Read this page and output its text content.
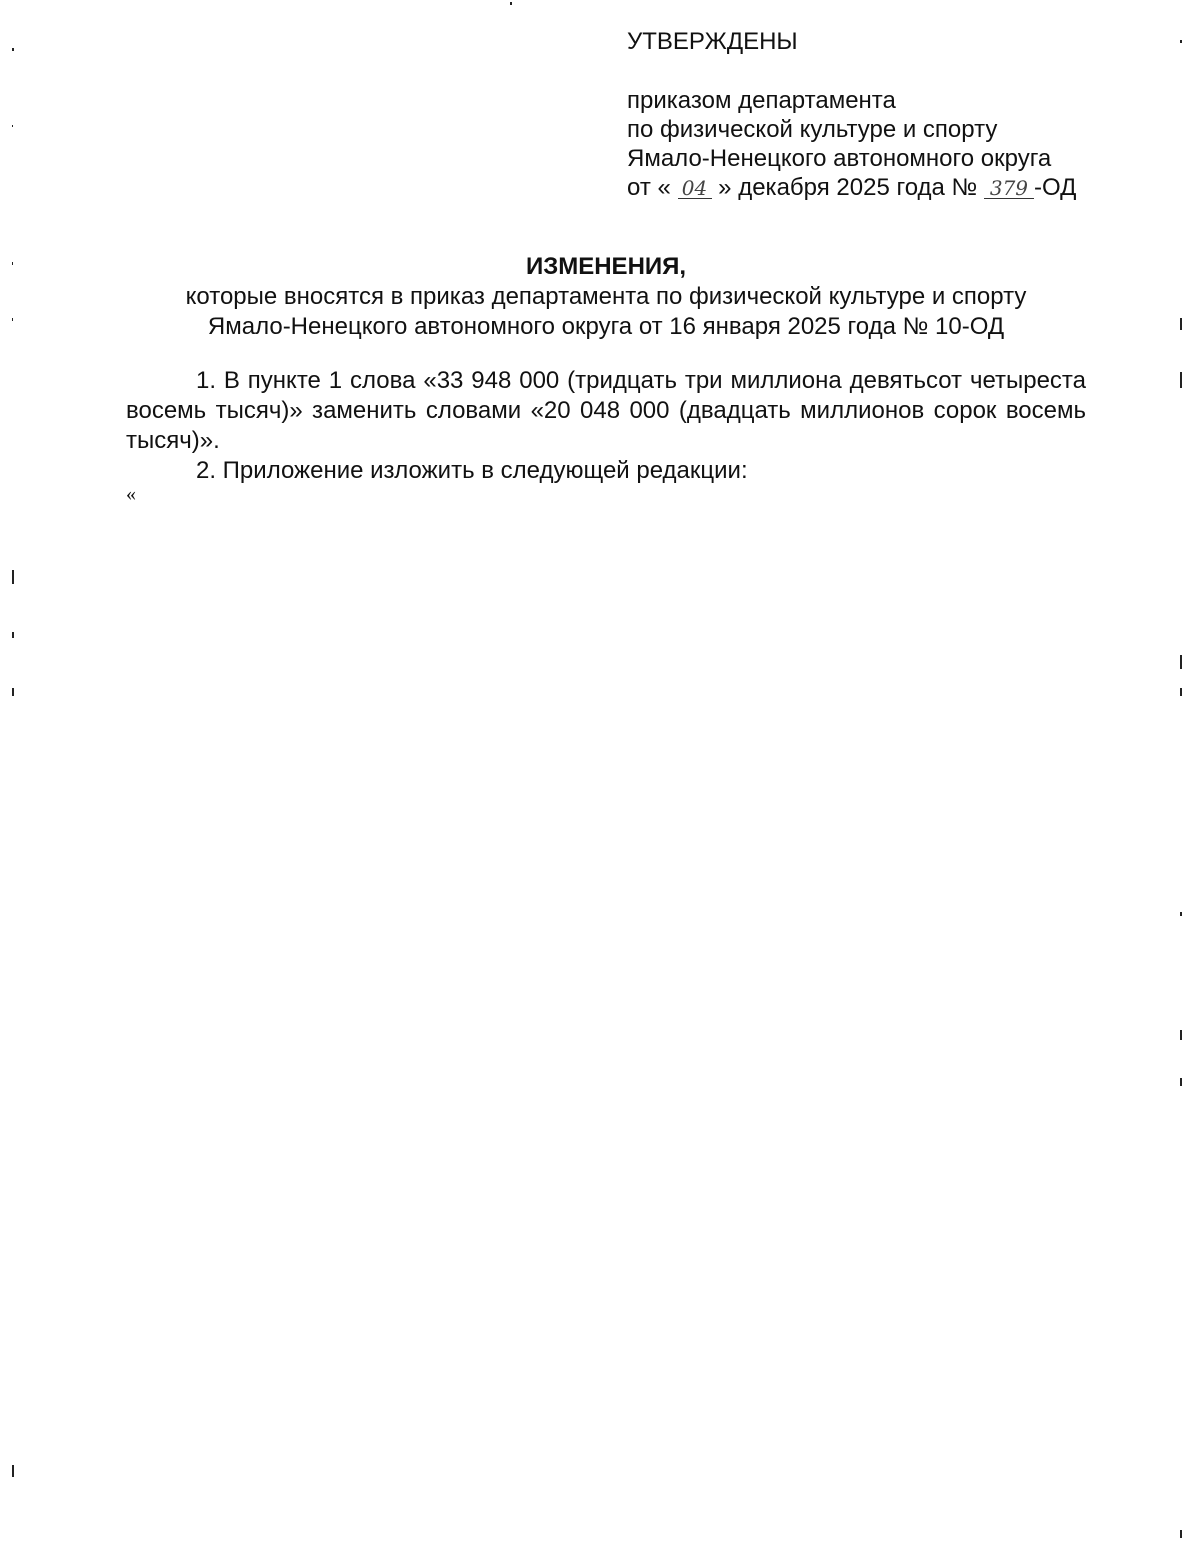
УТВЕРЖДЕНЫ
приказом департамента
по физической культуре и спорту
Ямало-Ненецкого автономного округа
от « 04 » декабря 2025 года № 379 -ОД
ИЗМЕНЕНИЯ,
которые вносятся в приказ департамента по физической культуре и спорту
Ямало-Ненецкого автономного округа от 16 января 2025 года № 10-ОД

1. В пункте 1 слова «33 948 000 (тридцать три миллиона девятьсот четыреста восемь тысяч)» заменить словами «20 048 000 (двадцать миллионов сорок восемь тысяч)».

2. Приложение изложить в следующей редакции:

«
